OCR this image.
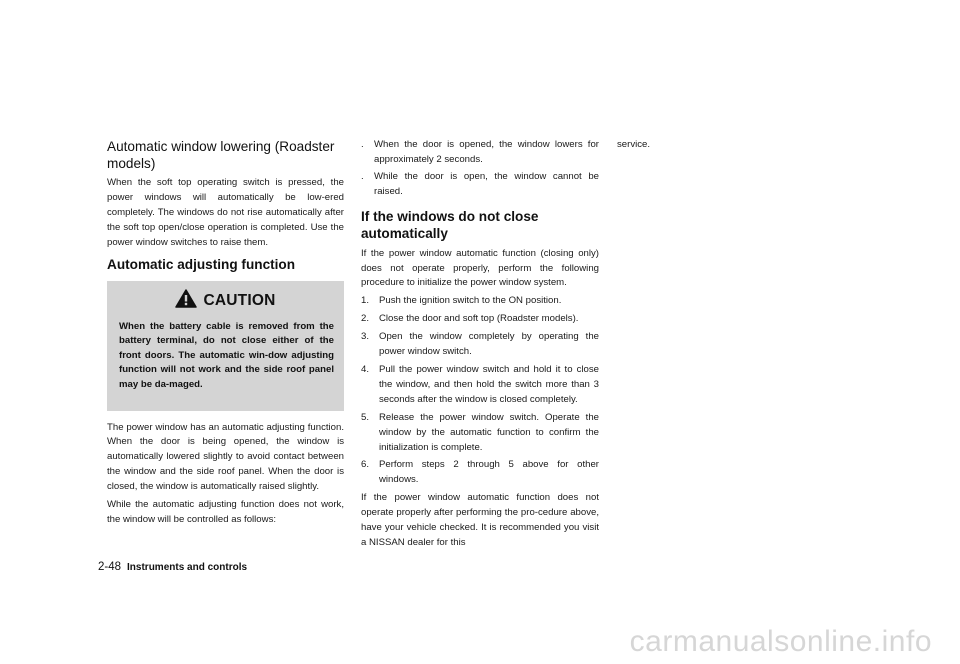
Automatic window lowering (Roadster models)

When the soft top operating switch is pressed, the power windows will automatically be low-ered completely. The windows do not rise automatically after the soft top open/close operation is completed. Use the power window switches to raise them.

Automatic adjusting function
CAUTION
When the battery cable is removed from the battery terminal, do not close either of the front doors. The automatic win-dow adjusting function will not work and the side roof panel may be da-maged.

The power window has an automatic adjusting function. When the door is being opened, the window is automatically lowered slightly to avoid contact between the window and the side roof panel. When the door is closed, the window is automatically raised slightly.

While the automatic adjusting function does not work, the window will be controlled as follows:

.	When the door is opened, the window lowers for approximately 2 seconds.
.	While the door is open, the window cannot be raised.
If the windows do not close automatically

If the power window automatic function (closing only) does not operate properly, perform the following procedure to initialize the power window system.

1.	Push the ignition switch to the ON position.
2.	Close the door and soft top (Roadster models).
3.	Open the window completely by operating the power window switch.
4.	Pull the power window switch and hold it to close the window, and then hold the switch more than 3 seconds after the window is closed completely.
5.	Release the power window switch. Operate the window by the automatic function to confirm the initialization is complete.
6.	Perform steps 2 through 5 above for other windows.

If the power window automatic function does not operate properly after performing the pro-cedure above, have your vehicle checked. It is recommended you visit a NISSAN dealer for this

service.

2-48 Instruments and controls
carmanualsonline.info
